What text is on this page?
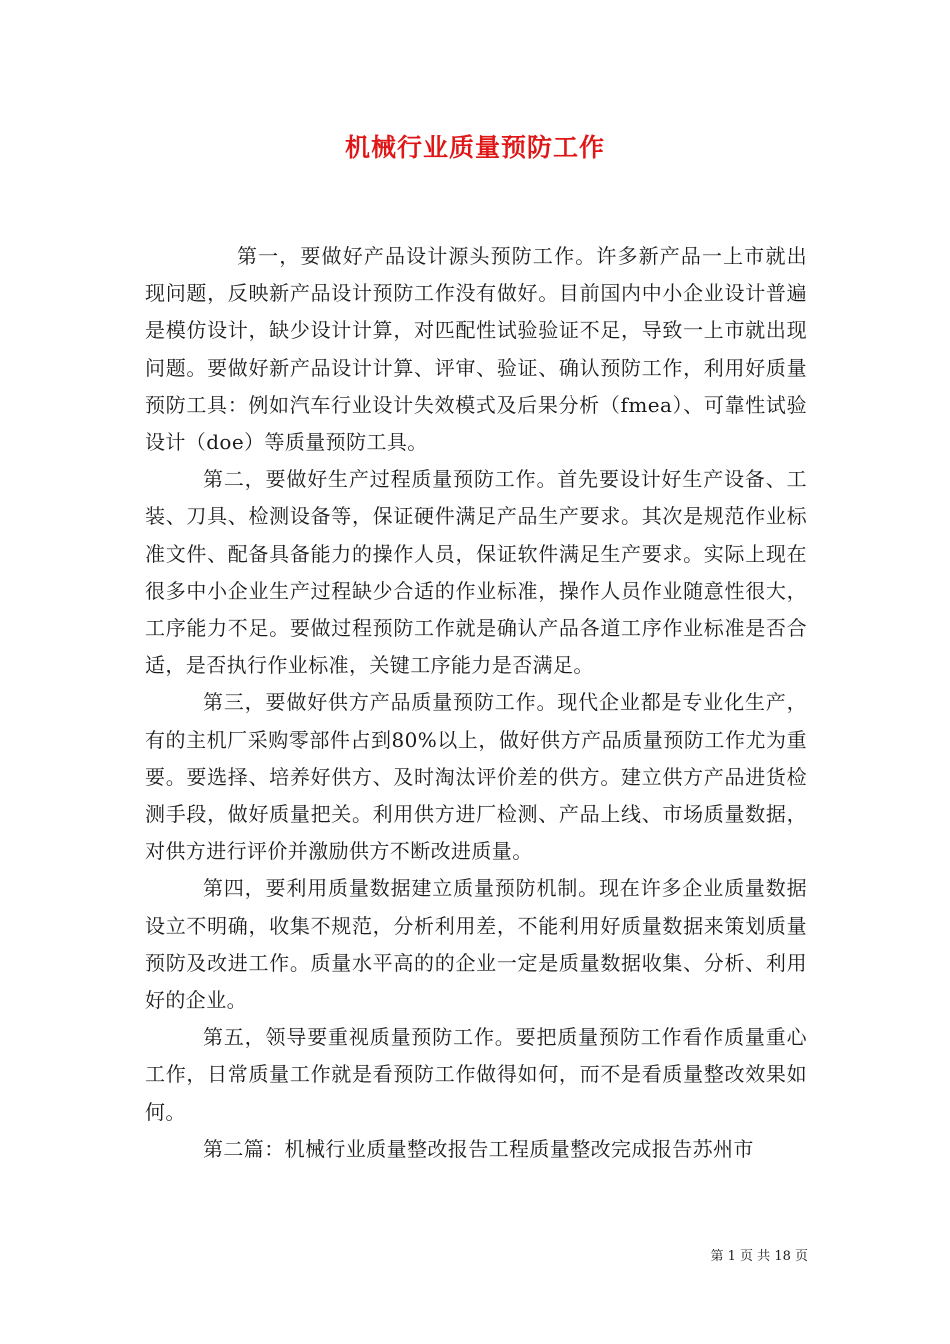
机械行业质量预防工作

第一，要做好产品设计源头预防工作。许多新产品一上市就出现问题，反映新产品设计预防工作没有做好。目前国内中小企业设计普遍是模仿设计，缺少设计计算，对匹配性试验验证不足，导致一上市就出现问题。要做好新产品设计计算、评审、验证、确认预防工作，利用好质量预防工具：例如汽车行业设计失效模式及后果分析（fmea）、可靠性试验设计（doe）等质量预防工具。

第二，要做好生产过程质量预防工作。首先要设计好生产设备、工装、刀具、检测设备等，保证硬件满足产品生产要求。其次是规范作业标准文件、配备具备能力的操作人员，保证软件满足生产要求。实际上现在很多中小企业生产过程缺少合适的作业标准，操作人员作业随意性很大，工序能力不足。要做过程预防工作就是确认产品各道工序作业标准是否合适，是否执行作业标准，关键工序能力是否满足。

第三，要做好供方产品质量预防工作。现代企业都是专业化生产，有的主机厂采购零部件占到80%以上，做好供方产品质量预防工作尤为重要。要选择、培养好供方、及时淘汰评价差的供方。建立供方产品进货检测手段，做好质量把关。利用供方进厂检测、产品上线、市场质量数据，对供方进行评价并激励供方不断改进质量。

第四，要利用质量数据建立质量预防机制。现在许多企业质量数据设立不明确，收集不规范，分析利用差，不能利用好质量数据来策划质量预防及改进工作。质量水平高的的企业一定是质量数据收集、分析、利用好的企业。

第五，领导要重视质量预防工作。要把质量预防工作看作质量重心工作，日常质量工作就是看预防工作做得如何，而不是看质量整改效果如何。

第二篇：机械行业质量整改报告工程质量整改完成报告苏州市

第 1 页 共 18 页
